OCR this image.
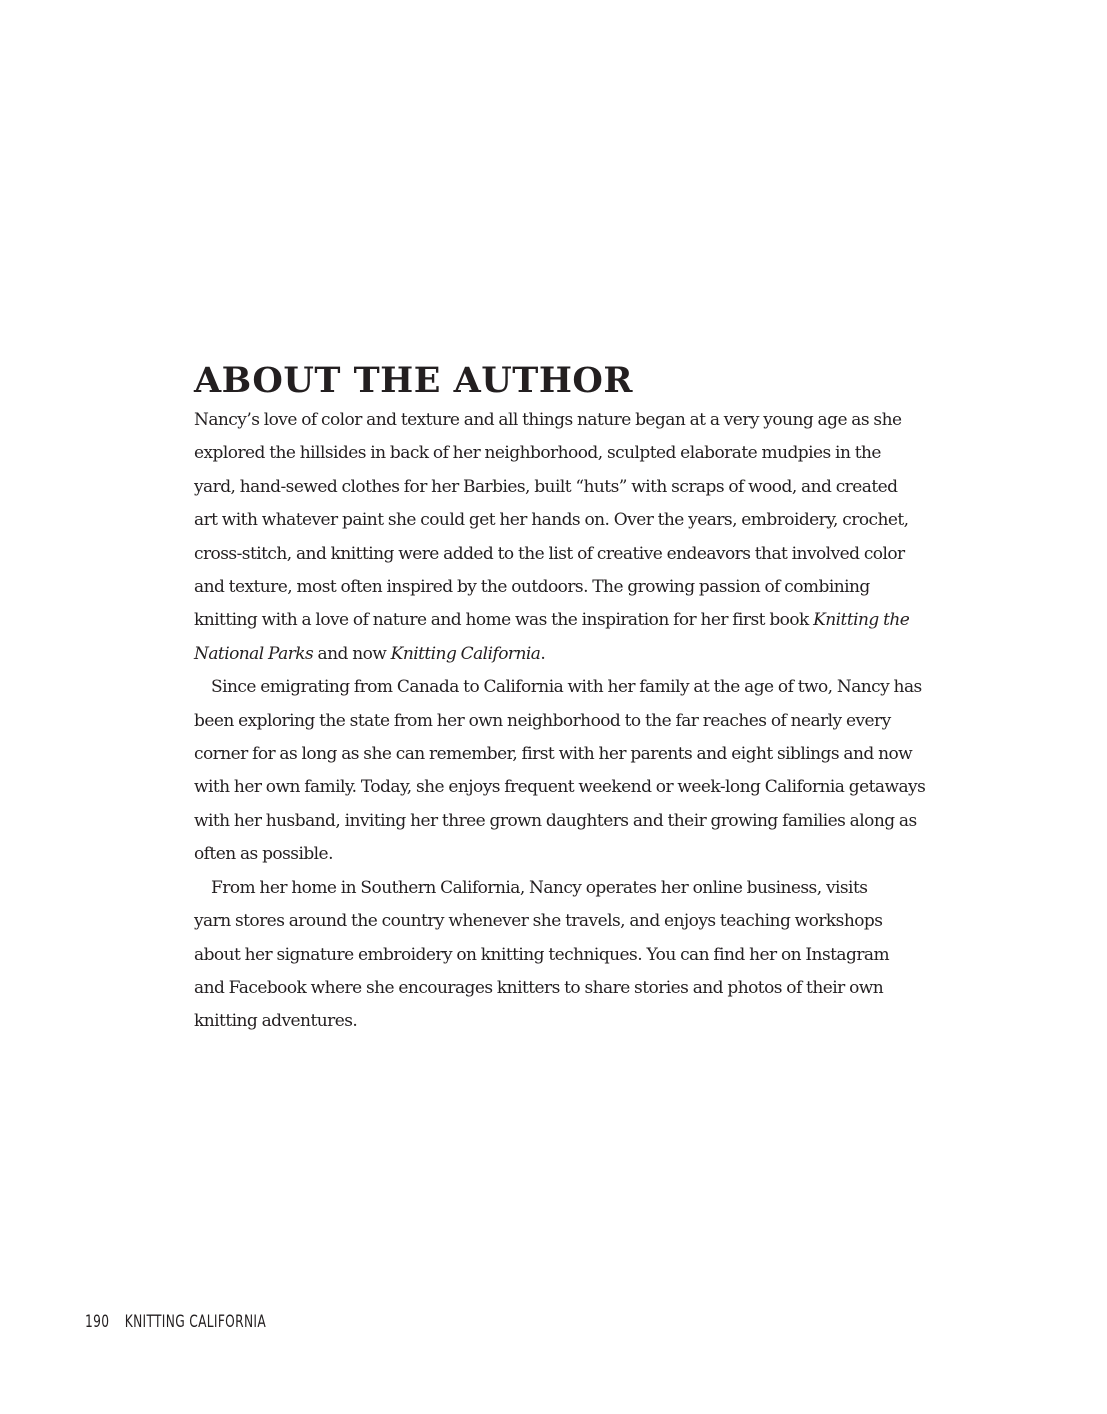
ABOUT THE AUTHOR
Nancy’s love of color and texture and all things nature began at a very young age as she
explored the hillsides in back of her neighborhood, sculpted elaborate mudpies in the
yard, hand-sewed clothes for her Barbies, built “huts” with scraps of wood, and created
art with whatever paint she could get her hands on. Over the years, embroidery, crochet,
cross-stitch, and knitting were added to the list of creative endeavors that involved color
and texture, most often inspired by the outdoors. The growing passion of combining
knitting with a love of nature and home was the inspiration for her first book Knitting the
National Parks and now Knitting California.
Since emigrating from Canada to California with her family at the age of two, Nancy has
been exploring the state from her own neighborhood to the far reaches of nearly every
corner for as long as she can remember, first with her parents and eight siblings and now
with her own family. Today, she enjoys frequent weekend or week-long California getaways
with her husband, inviting her three grown daughters and their growing families along as
often as possible.
From her home in Southern California, Nancy operates her online business, visits
yarn stores around the country whenever she travels, and enjoys teaching workshops
about her signature embroidery on knitting techniques. You can find her on Instagram
and Facebook where she encourages knitters to share stories and photos of their own
knitting adventures.
190 KNITTING CALIFORNIA
